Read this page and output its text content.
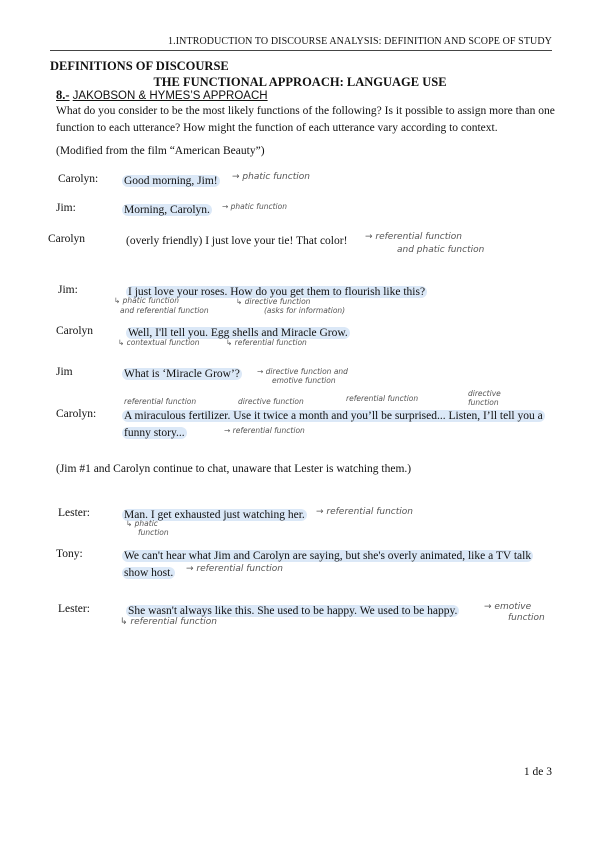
1.INTRODUCTION TO DISCOURSE ANALYSIS: DEFINITION AND SCOPE OF STUDY
DEFINITIONS OF DISCOURSE
THE FUNCTIONAL APPROACH: LANGUAGE USE
8.- JAKOBSON & HYMES’S APPROACH
What do you consider to be the most likely functions of the following? Is it possible to assign more than one function to each utterance? How might the function of each utterance vary according to context.
(Modified from the film “American Beauty”)
Carolyn: Good morning, Jim! → phatic function
Jim:	Morning, Carolyn. → phatic function
Carolyn	(overly friendly) I just love your tie! That color! → referential function
and phatic function
Jim:	I just love your roses. How do you get them to flourish like this?
↳ phatic function
and referential function
↳ directive function
(asks for information)
Carolyn	Well, I'll tell you. Egg shells and Miracle Grow.
↳ contextual function	↳ referential function
Jim	What is ‘Miracle Grow’? → directive function and
emotive function
referential function	directive function	referential function
directive
function
Carolyn: A miraculous fertilizer. Use it twice a month and you’ll be surprised... Listen, I’ll tell you a funny story...	→ referential function
(Jim #1 and Carolyn continue to chat, unaware that Lester is watching them.)
Lester:	Man. I get exhausted just watching her. → referential function
↳ phatic
function
Tony:	We can't hear what Jim and Carolyn are saying, but she's overly animated, like a TV talk show host.	→ referential function
Lester:	She wasn't always like this. She used to be happy. We used to be happy.	→ emotive
function
↳ referential function
1 de 3
